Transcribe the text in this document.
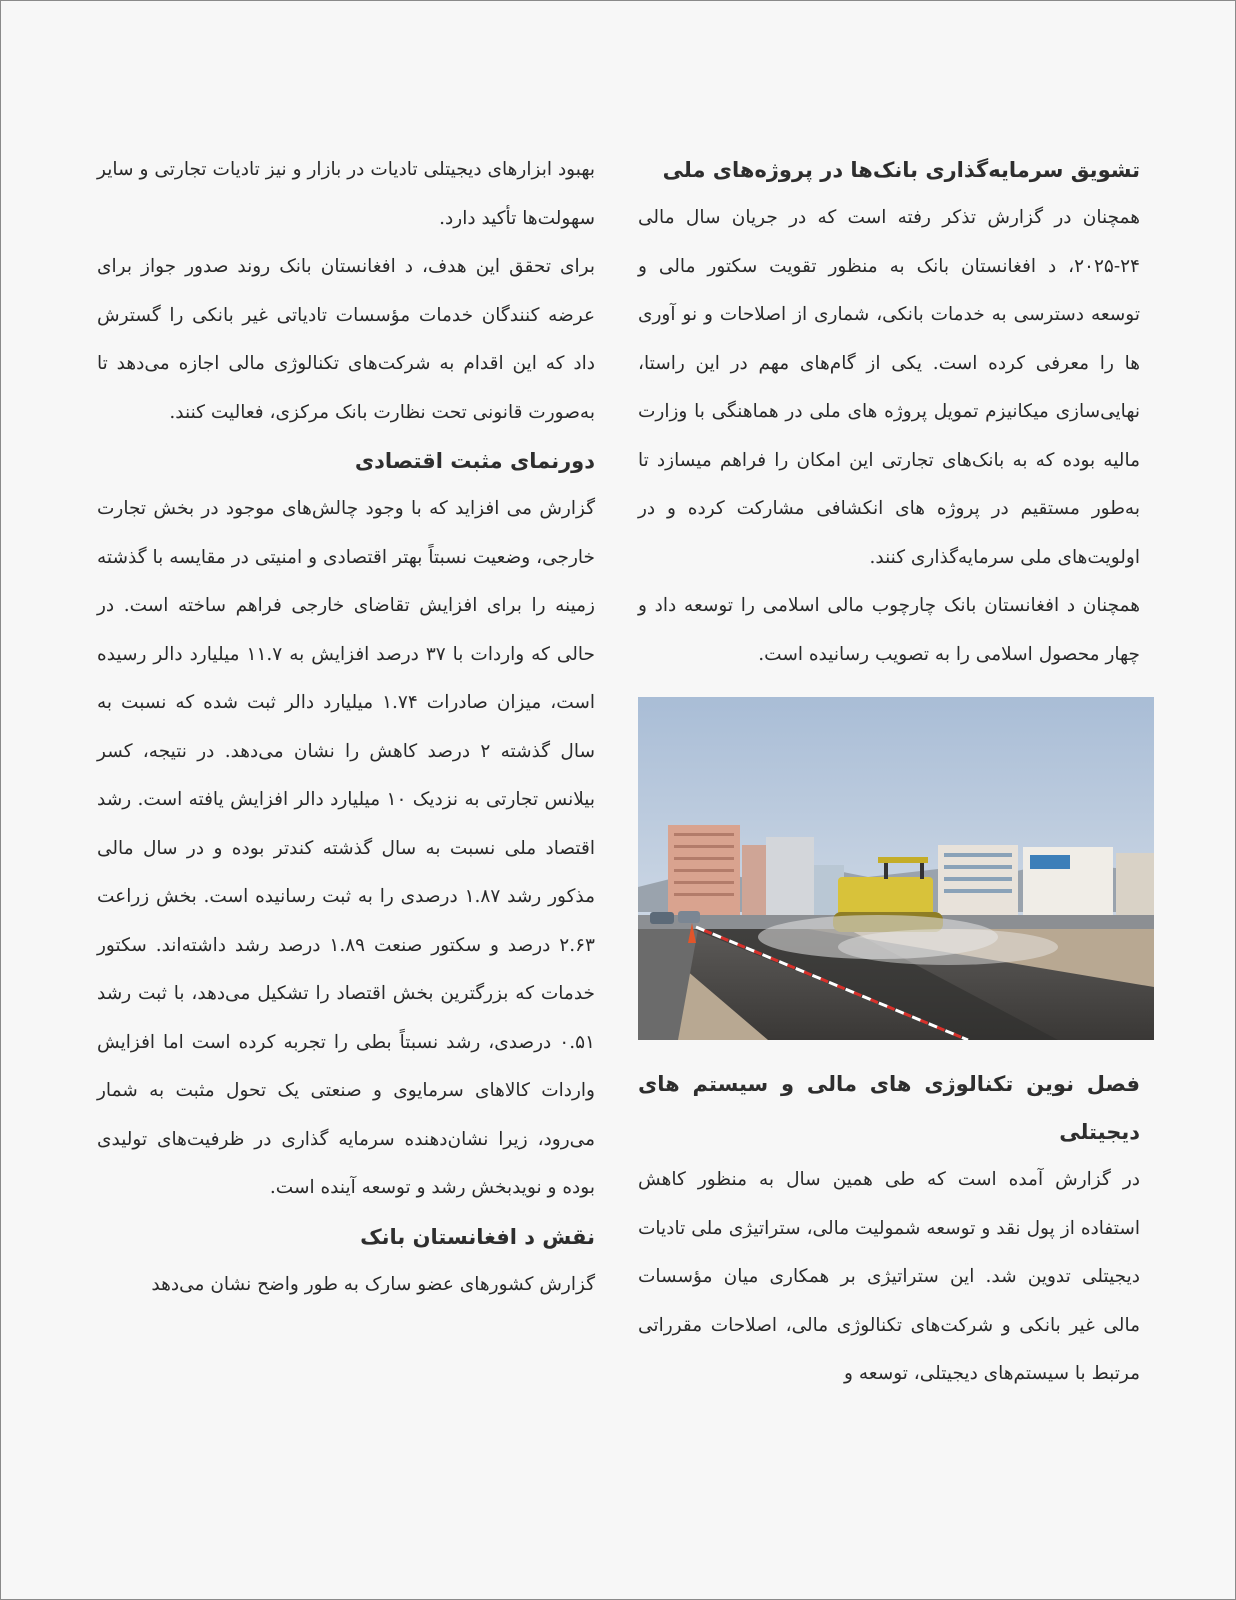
تشویق سرمایه‌گذاری بانک‌ها در پروژه‌های ملی

همچنان در گزارش تذکر رفته است که در جریان سال مالی ۲۴-۲۰۲۵، د افغانستان بانک به منظور تقویت سکتور مالی و توسعه دسترسی به خدمات بانکی، شماری از اصلاحات و نو آوری ها را معرفی کرده است. یکی از گام‌های مهم در این راستا، نهایی‌سازی میکانیزم تمویل پروژه های ملی در هماهنگی با وزارت مالیه بوده که به بانک‌های تجارتی این امکان را فراهم میسازد تا به‌طور مستقیم در پروژه های انکشافی مشارکت کرده و در اولویت‌های ملی سرمایه‌گذاری کنند.

همچنان د افغانستان بانک چارچوب مالی اسلامی را توسعه داد و چهار محصول اسلامی را به تصویب رسانیده است.

فصل نوین تکنالوژی های مالی و سیستم های دیجیتلی

در گزارش آمده است که طی همین سال به منظور کاهش استفاده از پول نقد و توسعه شمولیت مالی، ستراتیژی ملی تادیات دیجیتلی تدوین شد. این ستراتیژی بر همکاری میان مؤسسات مالی غیر بانکی و شرکت‌های تکنالوژی مالی، اصلاحات مقرراتی مرتبط با سیستم‌های دیجیتلی، توسعه و

بهبود ابزارهای دیجیتلی تادیات در بازار و نیز تادیات تجارتی و سایر سهولت‌ها تأکید دارد.

برای تحقق این هدف، د افغانستان بانک روند صدور جواز برای عرضه کنندگان خدمات مؤسسات تادیاتی غیر بانکی را گسترش داد که این اقدام به شرکت‌های تکنالوژی مالی اجازه می‌دهد تا به‌صورت قانونی تحت نظارت بانک مرکزی، فعالیت کنند.

دورنمای مثبت اقتصادی

گزارش می افزاید که با وجود چالش‌های موجود در بخش تجارت خارجی، وضعیت نسبتاً بهتر اقتصادی و امنیتی در مقایسه با گذشته زمینه را برای افزایش تقاضای خارجی فراهم ساخته است. در حالی که واردات با ۳۷ درصد افزایش به ۱۱.۷ میلیارد دالر رسیده است، میزان صادرات ۱.۷۴ میلیارد دالر ثبت شده که نسبت به سال گذشته ۲ درصد کاهش را نشان می‌دهد. در نتیجه، کسر بیلانس تجارتی به نزدیک ۱۰ میلیارد دالر افزایش یافته است. رشد اقتصاد ملی نسبت به سال گذشته کندتر بوده و در سال مالی مذکور رشد ۱.۸۷ درصدی را به ثبت رسانیده است. بخش زراعت ۲.۶۳ درصد و سکتور صنعت ۱.۸۹ درصد رشد داشته‌اند. سکتور خدمات که بزرگترین بخش اقتصاد را تشکیل می‌دهد، با ثبت رشد ۰.۵۱ درصدی، رشد نسبتاً بطی را تجربه کرده است اما افزایش واردات کالاهای سرمایوی و صنعتی یک تحول مثبت به شمار می‌رود، زیرا نشان‌دهنده سرمایه گذاری در ظرفیت‌های تولیدی بوده و نویدبخش رشد و توسعه آینده است.

نقش د افغانستان بانک

گزارش کشورهای عضو سارک به طور واضح نشان می‌دهد
